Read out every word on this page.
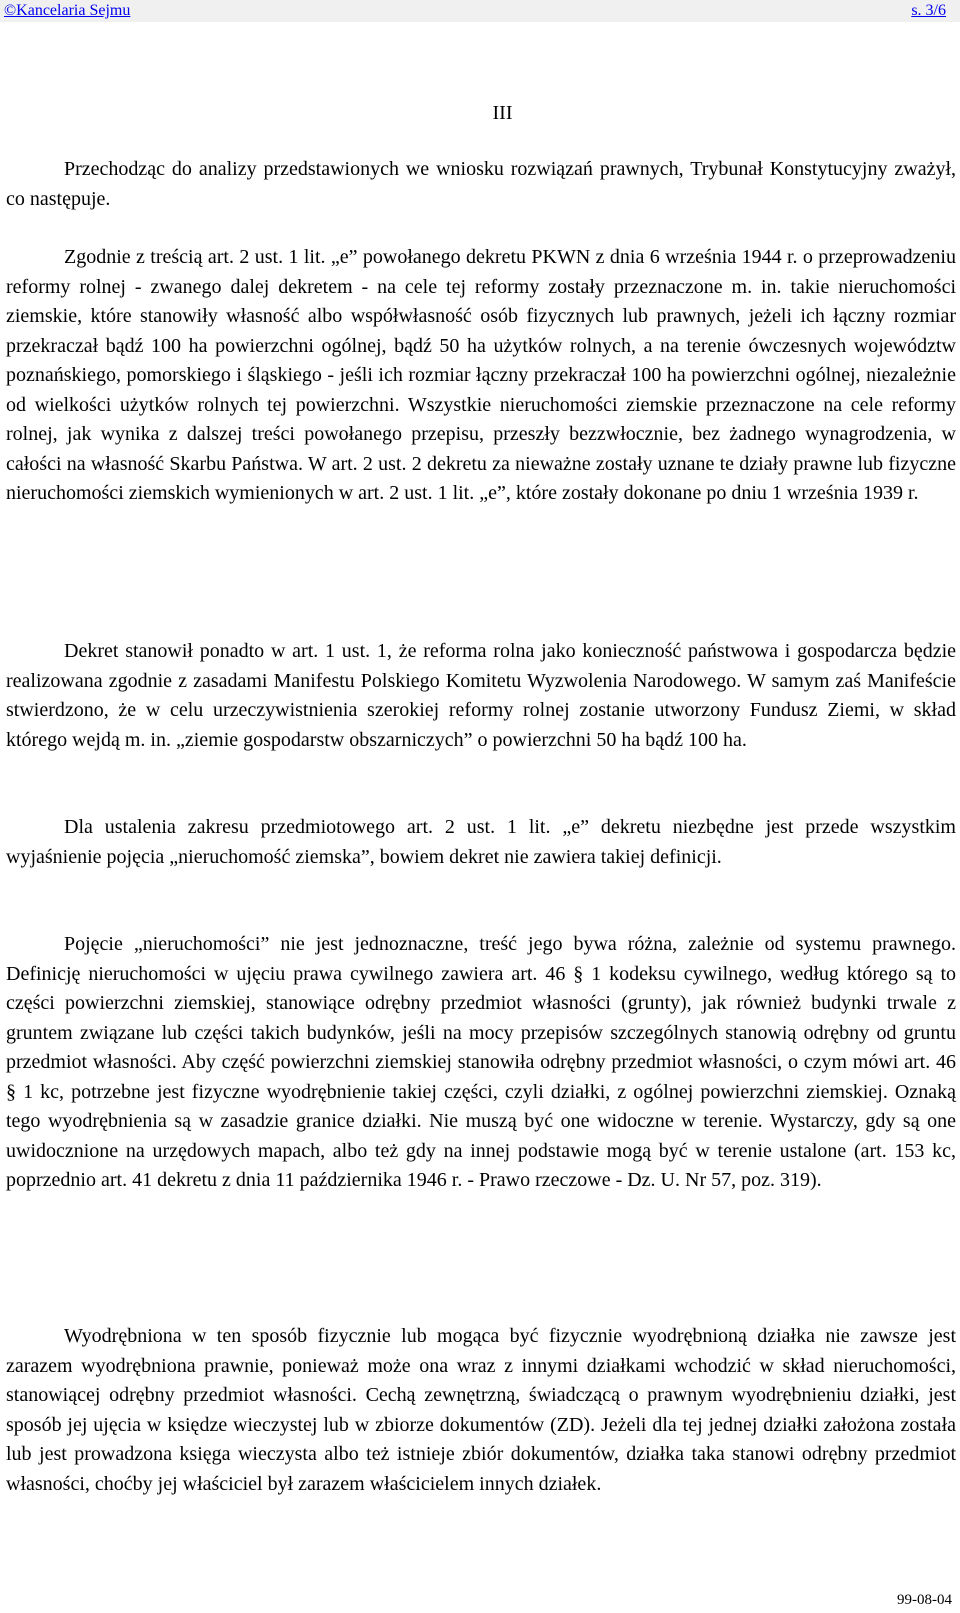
©Kancelaria Sejmu	s. 3/6
III

Przechodząc do analizy przedstawionych we wniosku rozwiązań prawnych, Trybunał Konstytucyjny zważył, co następuje.

Zgodnie z treścią art. 2 ust. 1 lit. „e” powołanego dekretu PKWN z dnia 6 września 1944 r. o przeprowadzeniu reformy rolnej - zwanego dalej dekretem - na cele tej reformy zostały przeznaczone m. in. takie nieruchomości ziemskie, które stanowiły własność albo współwłasność osób fizycznych lub prawnych, jeżeli ich łączny rozmiar przekraczał bądź 100 ha powierzchni ogólnej, bądź 50 ha użytków rolnych, a na terenie ówczesnych województw poznańskiego, pomorskiego i śląskiego - jeśli ich rozmiar łączny przekraczał 100 ha powierzchni ogólnej, niezależnie od wielkości użytków rolnych tej powierzchni. Wszystkie nieruchomości ziemskie przeznaczone na cele reformy rolnej, jak wynika z dalszej treści powołanego przepisu, przeszły bezzwłocznie, bez żadnego wynagrodzenia, w całości na własność Skarbu Państwa. W art. 2 ust. 2 dekretu za nieważne zostały uznane te działy prawne lub fizyczne nieruchomości ziemskich wymienionych w art. 2 ust. 1 lit. „e”, które zostały dokonane po dniu 1 września 1939 r.

Dekret stanowił ponadto w art. 1 ust. 1, że reforma rolna jako konieczność państwowa i gospodarcza będzie realizowana zgodnie z zasadami Manifestu Polskiego Komitetu Wyzwolenia Narodowego. W samym zaś Manifeście stwierdzono, że w celu urzeczywistnienia szerokiej reformy rolnej zostanie utworzony Fundusz Ziemi, w skład którego wejdą m. in. „ziemie gospodarstw obszarniczych” o powierzchni 50 ha bądź 100 ha.

Dla ustalenia zakresu przedmiotowego art. 2 ust. 1 lit. „e” dekretu niezbędne jest przede wszystkim wyjaśnienie pojęcia „nieruchomość ziemska”, bowiem dekret nie zawiera takiej definicji.

Pojęcie „nieruchomości” nie jest jednoznaczne, treść jego bywa różna, zależnie od systemu prawnego. Definicję nieruchomości w ujęciu prawa cywilnego zawiera art. 46 § 1 kodeksu cywilnego, według którego są to części powierzchni ziemskiej, stanowiące odrębny przedmiot własności (grunty), jak również budynki trwale z gruntem związane lub części takich budynków, jeśli na mocy przepisów szczególnych stanowią odrębny od gruntu przedmiot własności. Aby część powierzchni ziemskiej stanowiła odrębny przedmiot własności, o czym mówi art. 46 § 1 kc, potrzebne jest fizyczne wyodrębnienie takiej części, czyli działki, z ogólnej powierzchni ziemskiej. Oznaką tego wyodrębnienia są w zasadzie granice działki. Nie muszą być one widoczne w terenie. Wystarczy, gdy są one uwidocznione na urzędowych mapach, albo też gdy na innej podstawie mogą być w terenie ustalone (art. 153 kc, poprzednio art. 41 dekretu z dnia 11 października 1946 r. - Prawo rzeczowe - Dz. U. Nr 57, poz. 319).

Wyodrębniona w ten sposób fizycznie lub mogąca być fizycznie wyodrębnioną działka nie zawsze jest zarazem wyodrębniona prawnie, ponieważ może ona wraz z innymi działkami wchodzić w skład nieruchomości, stanowiącej odrębny przedmiot własności. Cechą zewnętrzną, świadczącą o prawnym wyodrębnieniu działki, jest sposób jej ujęcia w księdze wieczystej lub w zbiorze dokumentów (ZD). Jeżeli dla tej jednej działki założona została lub jest prowadzona księga wieczysta albo też istnieje zbiór dokumentów, działka taka stanowi odrębny przedmiot własności, choćby jej właściciel był zarazem właścicielem innych działek.

99-08-04
